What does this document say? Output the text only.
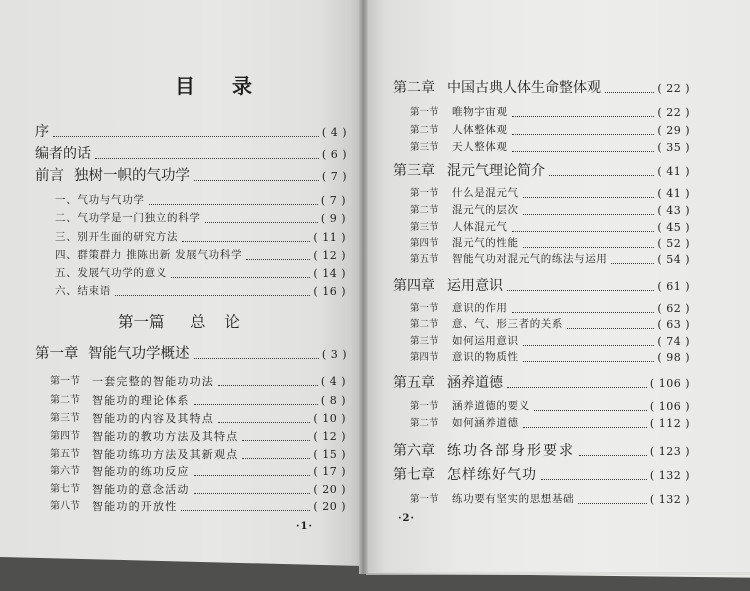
目 录
序	( 4 )
编者的话	( 6 )
前言 独树一帜的气功学	( 7 )
一、气功与气功学	( 7 )
二、气功学是一门独立的科学	( 9 )
三、别开生面的研究方法	( 11 )
四、群策群力 推陈出新 发展气功科学	( 12 )
五、发展气功学的意义	( 14 )
六、结束语	( 16 )
第一篇 总 论
第一章 智能气功学概述	( 3 )
第一节	一套完整的智能功功法	( 4 )
第二节	智能功的理论体系	( 8 )
第三节	智能功的内容及其特点	( 10 )
第四节	智能功的教功方法及其特点	( 12 )
第五节	智能功练功方法及其新观点	( 15 )
第六节	智能功的练功反应	( 17 )
第七节	智能功的意念活动	( 20 )
第八节	智能功的开放性	( 20 )
·1·
第二章 中国古典人体生命整体观	( 22 )
第一节	唯物宇宙观	( 22 )
第二节	人体整体观	( 29 )
第三节	天人整体观	( 35 )
第三章 混元气理论简介	( 41 )
第一节	什么是混元气	( 41 )
第二节	混元气的层次	( 43 )
第三节	人体混元气	( 45 )
第四节	混元气的性能	( 52 )
第五节	智能气功对混元气的练法与运用	( 54 )
第四章 运用意识	( 61 )
第一节	意识的作用	( 62 )
第二节	意、气、形三者的关系	( 63 )
第三节	如何运用意识	( 74 )
第四节	意识的物质性	( 98 )
第五章 涵养道德	( 106 )
第一节	涵养道德的要义	( 106 )
第二节	如何涵养道德	( 112 )
第六章 练功各部身形要求	( 123 )
第七章 怎样练好气功	( 132 )
第一节	练功要有坚实的思想基础	( 132 )
·2·
